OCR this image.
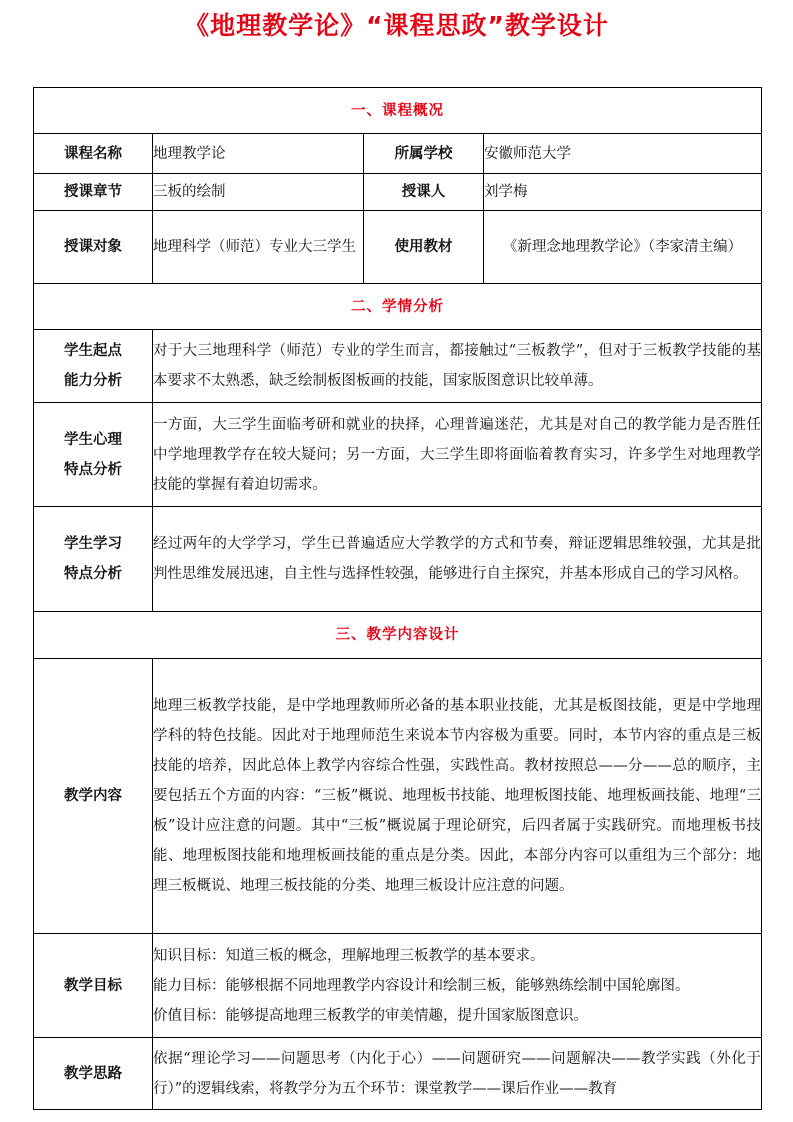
《地理教学论》“课程思政”教学设计
一、课程概况			
课程名称	地理教学论	所属学校	安徽师范大学
授课章节	三板的绘制	授课人	刘学梅
授课对象	地理科学（师范）专业大三学生	使用教材	《新理念地理教学论》（李家清主编）
二、学情分析			

学生起点
能力分析	对于大三地理科学（师范）专业的学生而言，都接触过“三板教学”，但对于三板教学技能的基本要求不太熟悉，缺乏绘制板图板画的技能，国家版图意识比较单薄。		

学生心理
特点分析	一方面，大三学生面临考研和就业的抉择，心理普遍迷茫，尤其是对自己的教学能力是否胜任中学地理教学存在较大疑问；另一方面，大三学生即将面临着教育实习，许多学生对地理教学技能的掌握有着迫切需求。		

学生学习
特点分析	经过两年的大学学习，学生已普遍适应大学教学的方式和节奏，辩证逻辑思维较强，尤其是批判性思维发展迅速，自主性与选择性较强，能够进行自主探究，并基本形成自己的学习风格。		
三、教学内容设计			
教学内容	地理三板教学技能，是中学地理教师所必备的基本职业技能，尤其是板图技能，更是中学地理学科的特色技能。因此对于地理师范生来说本节内容极为重要。同时，本节内容的重点是三板技能的培养，因此总体上教学内容综合性强，实践性高。教材按照总——分——总的顺序，主要包括五个方面的内容：“三板”概说、地理板书技能、地理板图技能、地理板画技能、地理“三板”设计应注意的问题。其中“三板”概说属于理论研究，后四者属于实践研究。而地理板书技能、地理板图技能和地理板画技能的重点是分类。因此，本部分内容可以重组为三个部分：地理三板概说、地理三板技能的分类、地理三板设计应注意的问题。		
教学目标	知识目标：知道三板的概念，理解地理三板教学的基本要求。
能力目标：能够根据不同地理教学内容设计和绘制三板，能够熟练绘制中国轮廓图。
价值目标：能够提高地理三板教学的审美情趣，提升国家版图意识。		

教学思路	依据“理论学习——问题思考（内化于心）——问题研究——问题解决——教学实践（外化于行）”的逻辑线索，将教学分为五个环节：课堂教学——课后作业——教育		
